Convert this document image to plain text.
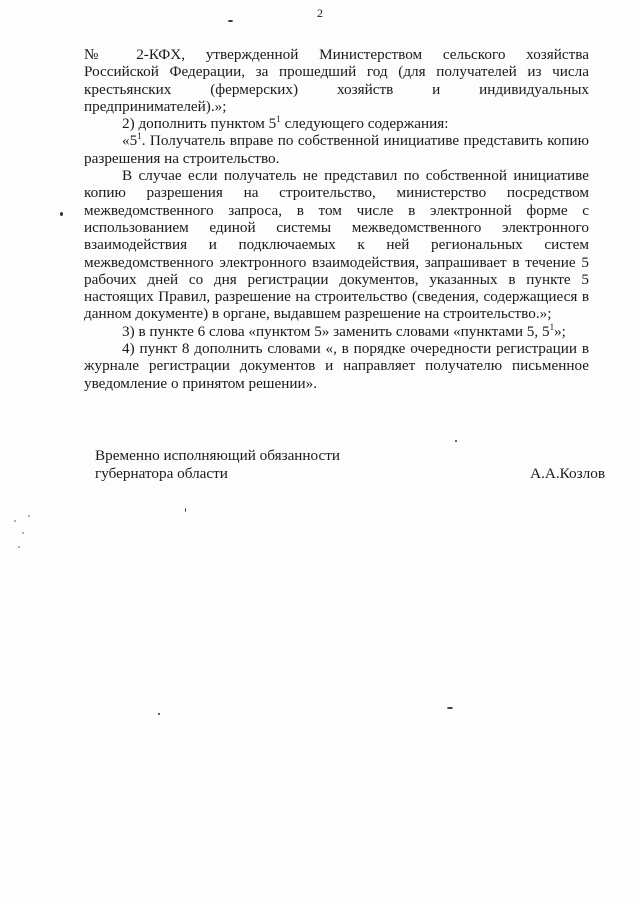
2

№ 2-КФХ, утвержденной Министерством сельского хозяйства

Российской Федерации, за прошедший год (для получателей из числа крестьянских (фермерских) хозяйств и индивидуальных предпринимателей).»;

2) дополнить пунктом $5^1$ следующего содержания:

«$5^1$. Получатель вправе по собственной инициативе представить копию разрешения на строительство.

В случае если получатель не представил по собственной инициативе копию разрешения на строительство, министерство посредством межведомственного запроса, в том числе в электронной форме с использованием единой системы межведомственного электронного взаимодействия и подключаемых к ней региональных систем межведомственного электронного взаимодействия, запрашивает в течение 5 рабочих дней со дня регистрации документов, указанных в пункте 5 настоящих Правил, разрешение на строительство (сведения, содержащиеся в данном документе) в органе, выдавшем разрешение на строительство.»;

3) в пункте 6 слова «пунктом 5» заменить словами «пунктами 5, $5^1$»;

4) пункт 8 дополнить словами «, в порядке очередности регистрации в журнале регистрации документов и направляет получателю письменное уведомление о принятом решении».

Временно исполняющий обязанности
губернатора области	А.А.Козлов
